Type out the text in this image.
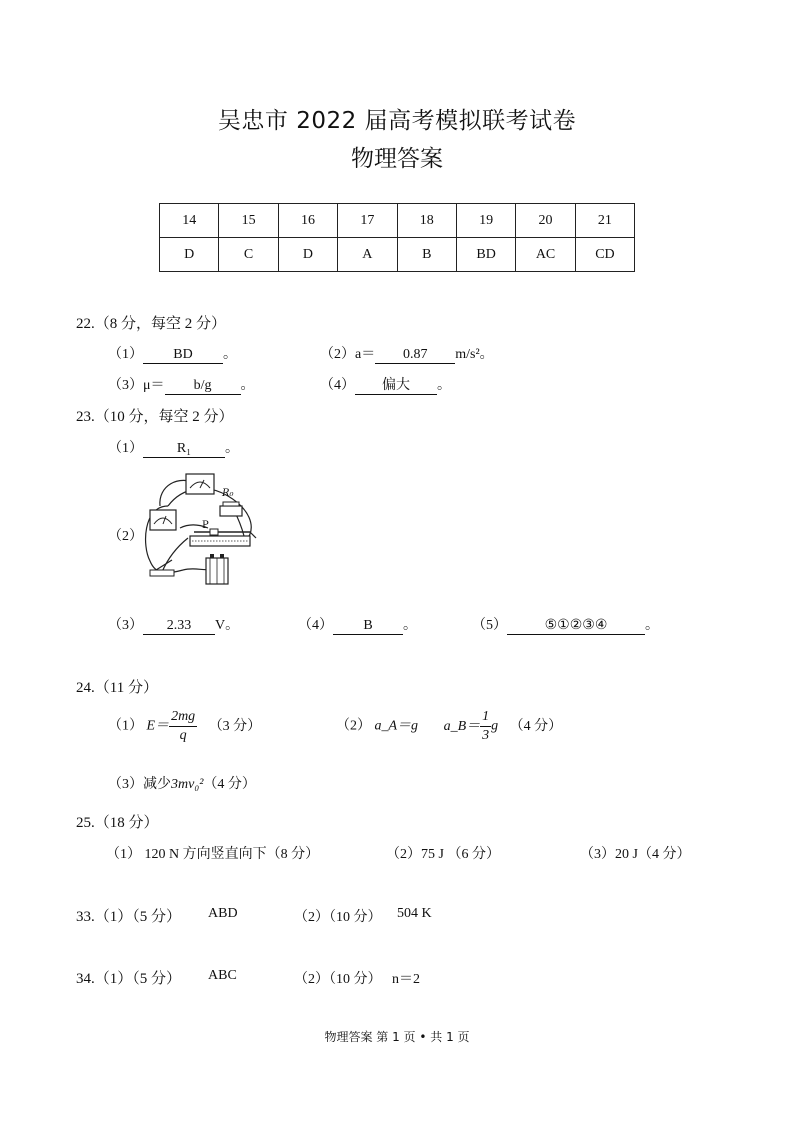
吴忠市 2022 届高考模拟联考试卷
物理答案
14	15	16	17	18	19	20	21
D	C	D	A	B	BD	AC	CD
22.（8 分，每空 2 分）
（1） BD 。	（2）a＝ 0.87 m/s²。
（3）μ＝ b/g 。	（4） 偏大 。
23.（10 分，每空 2 分）
（1） R₁ 。
（2）
R₀
P
（3） 2.33 V。	（4） B 。	（5）	⑤①②③④	。
24.（11 分）
（1） $E= \frac{2mg}{q} (3$ 分）	（2） a_A＝g a_B＝ $\frac{1}{3}$ g （4 分）
（3）减少3mv₀²（4 分）
25.（18 分）
（1） 120 N 方向竖直向下（8 分）	（2）75 J （6 分）	（3）20 J（4 分）
33.（1）（5 分） ABD	（2）（10 分） 504 K
34.（1）（5 分） ABC	（2）（10 分） n＝2
物理答案 第 1 页 • 共 1 页
